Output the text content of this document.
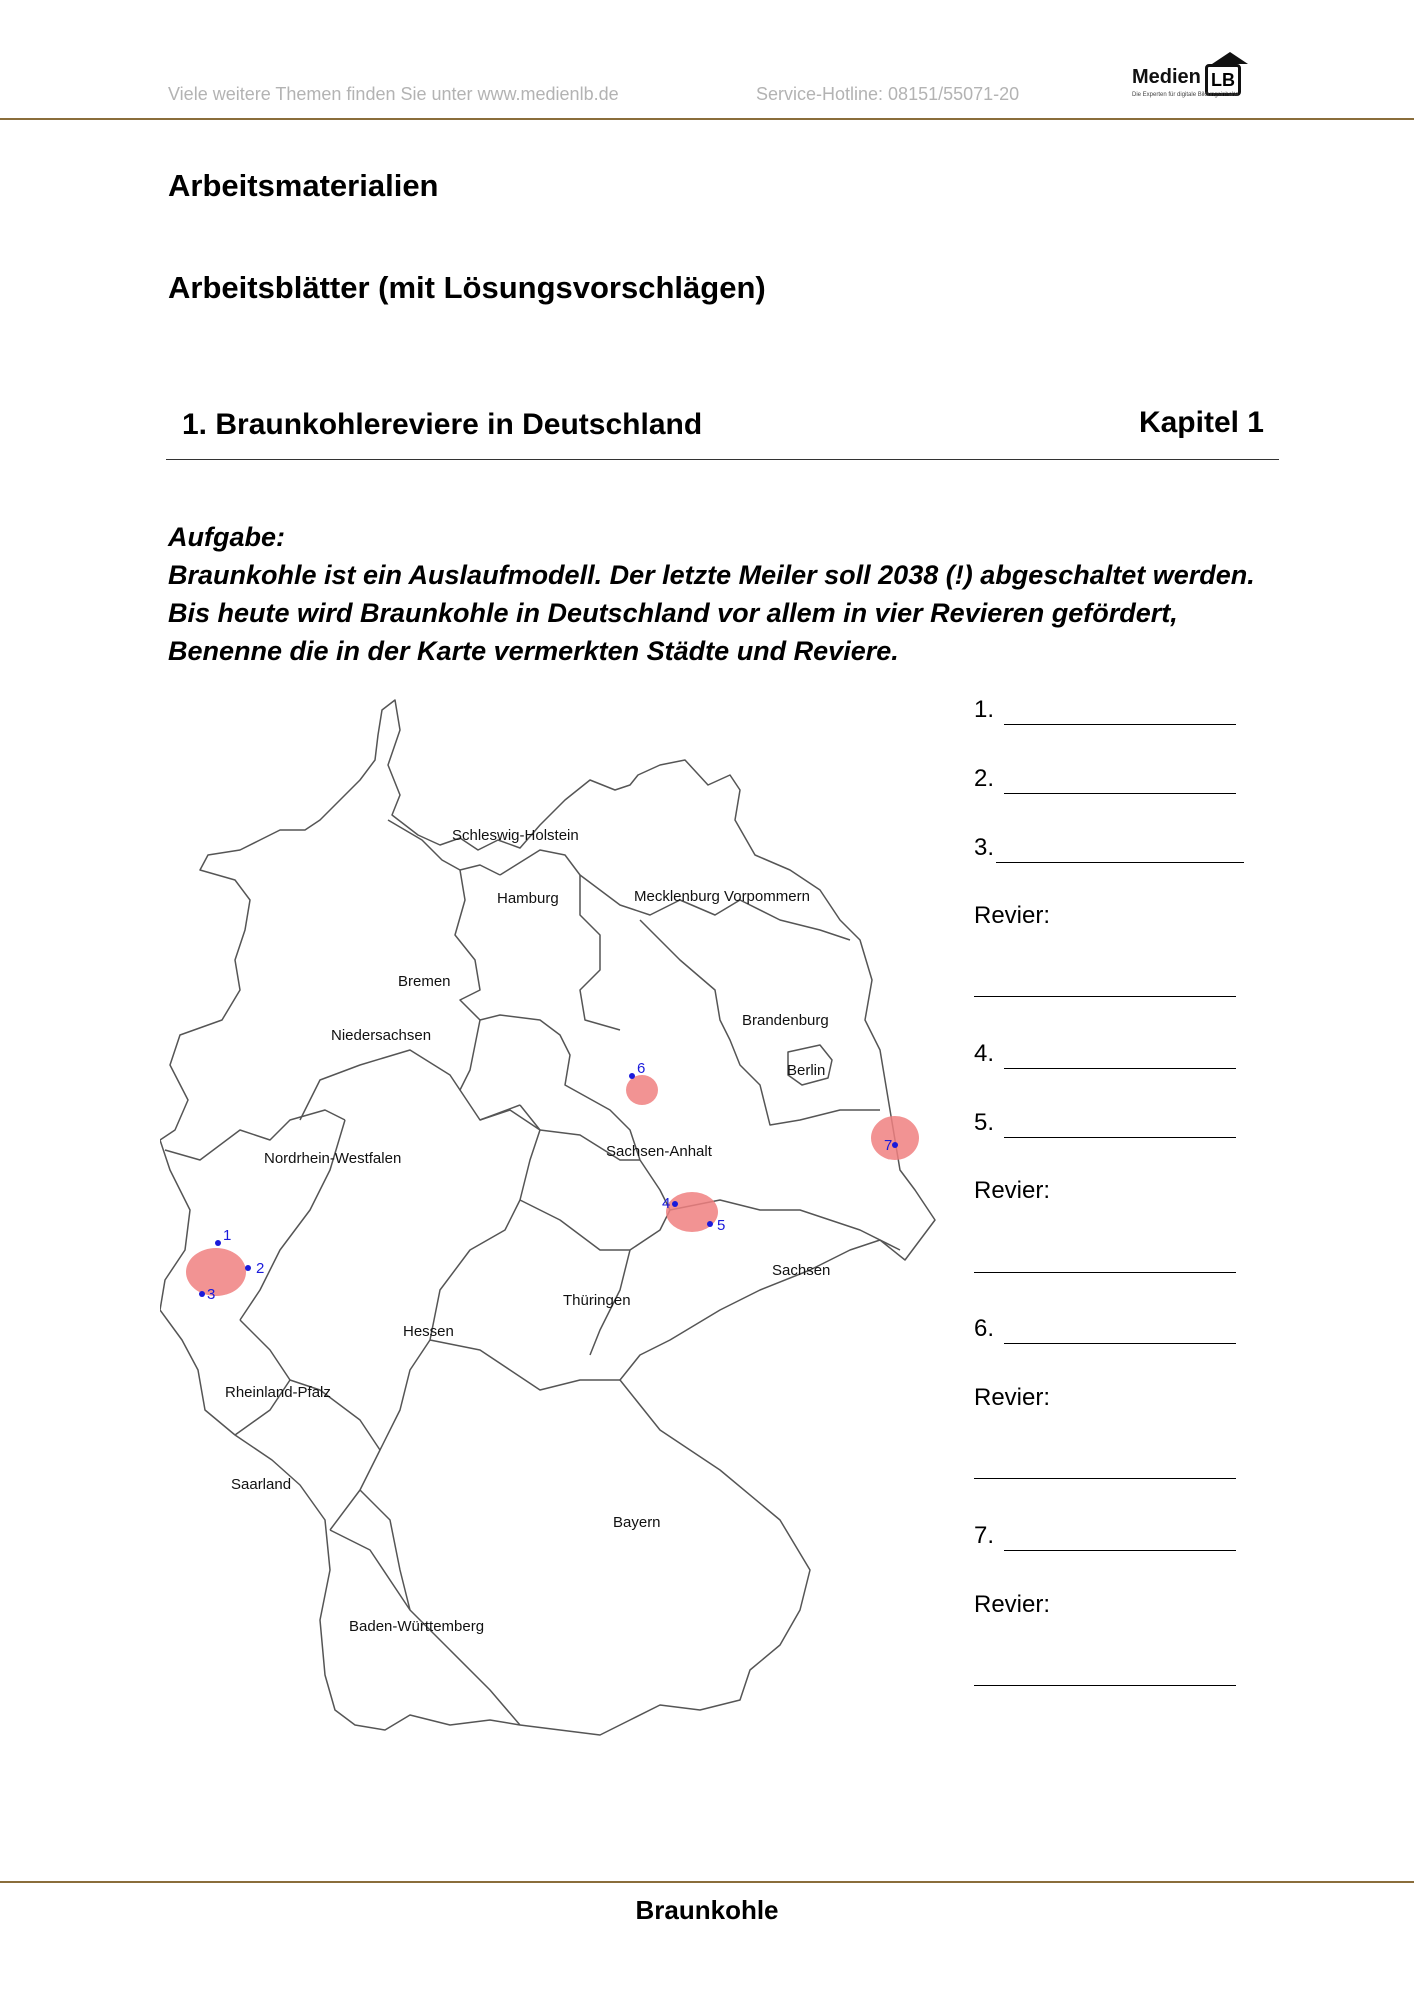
Viele weitere Themen finden Sie unter www.medienlb.de	Service-Hotline: 08151/55071-20
Medien LB
Die Experten für digitale Bildungsinhalte
Arbeitsmaterialien
Arbeitsblätter (mit Lösungsvorschlägen)
1. Braunkohlereviere in Deutschland	Kapitel 1
Aufgabe:
Braunkohle ist ein Auslaufmodell. Der letzte Meiler soll 2038 (!) abgeschaltet werden. Bis heute wird Braunkohle in Deutschland vor allem in vier Revieren gefördert, Benenne die in der Karte vermerkten Städte und Reviere.
1
2
3
4
5
6
7
Schleswig-Holstein
Hamburg	Mecklenburg Vorpommern
Bremen
Niedersachsen
Brandenburg
Berlin
Sachsen-Anhalt
Nordrhein-Westfalen
Sachsen
Thüringen
Hessen
Rheinland-Pfalz
Saarland
Bayern
Baden-Württemberg
1.
2.
3.
Revier:
4.
5.
Revier:
6.
Revier:
7.
Revier:
Braunkohle
